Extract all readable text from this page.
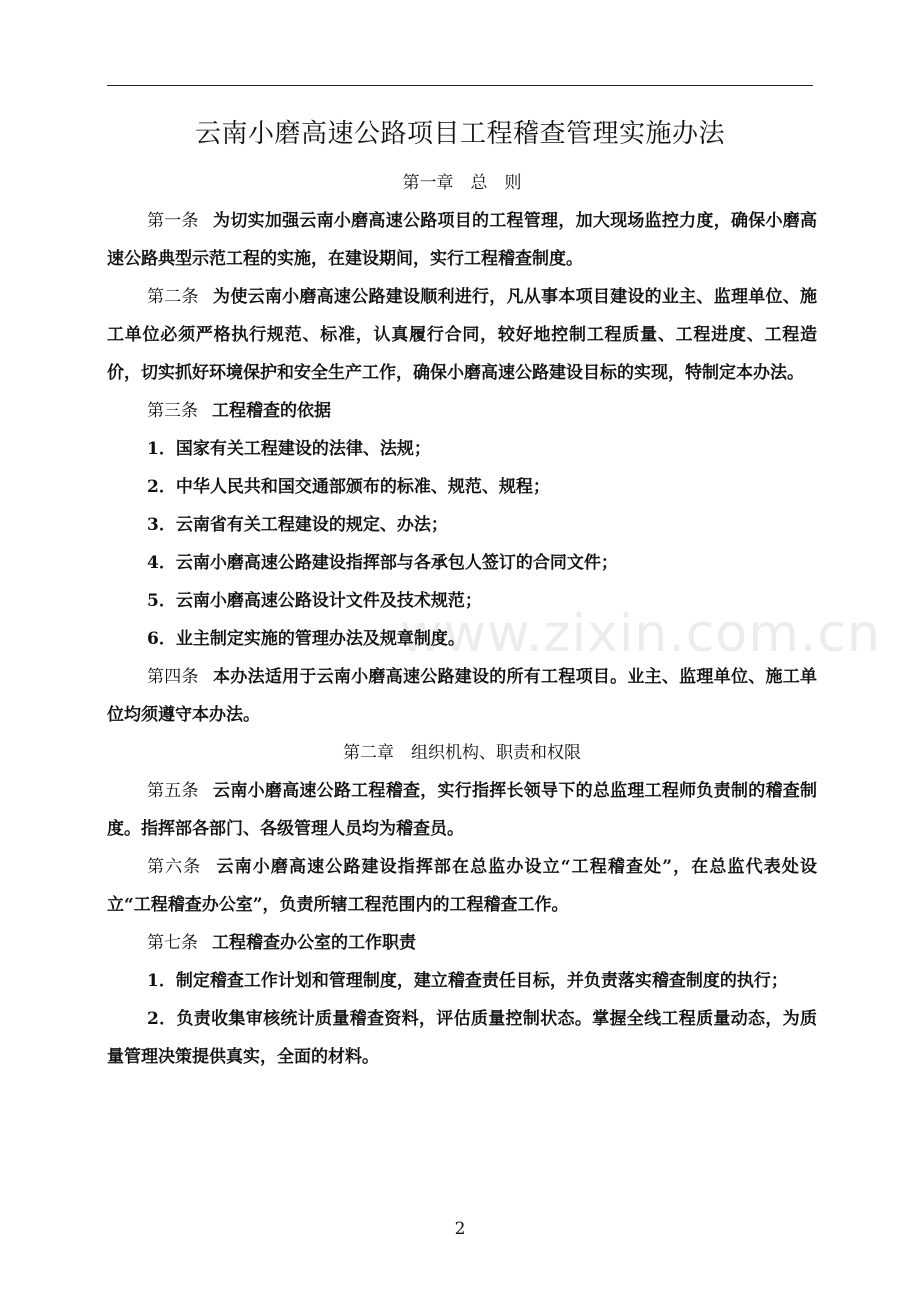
云南小磨高速公路项目工程稽查管理实施办法

第一章　总　则

第一条 为切实加强云南小磨高速公路项目的工程管理，加大现场监控力度，确保小磨高速公路典型示范工程的实施，在建设期间，实行工程稽查制度。

第二条 为使云南小磨高速公路建设顺利进行，凡从事本项目建设的业主、监理单位、施工单位必须严格执行规范、标准，认真履行合同，较好地控制工程质量、工程进度、工程造价，切实抓好环境保护和安全生产工作，确保小磨高速公路建设目标的实现，特制定本办法。

第三条 工程稽查的依据

1．国家有关工程建设的法律、法规；

2．中华人民共和国交通部颁布的标准、规范、规程；

3．云南省有关工程建设的规定、办法；

4．云南小磨高速公路建设指挥部与各承包人签订的合同文件；

5．云南小磨高速公路设计文件及技术规范；

6．业主制定实施的管理办法及规章制度。

第四条 本办法适用于云南小磨高速公路建设的所有工程项目。业主、监理单位、施工单位均须遵守本办法。

第二章　组织机构、职责和权限

第五条 云南小磨高速公路工程稽查，实行指挥长领导下的总监理工程师负责制的稽查制度。指挥部各部门、各级管理人员均为稽查员。

第六条 云南小磨高速公路建设指挥部在总监办设立“工程稽查处”，在总监代表处设立“工程稽查办公室”，负责所辖工程范围内的工程稽查工作。

第七条 工程稽查办公室的工作职责

1．制定稽查工作计划和管理制度，建立稽查责任目标，并负责落实稽查制度的执行；

2．负责收集审核统计质量稽查资料，评估质量控制状态。掌握全线工程质量动态，为质量管理决策提供真实，全面的材料。

www.zixin.com.cn
2
